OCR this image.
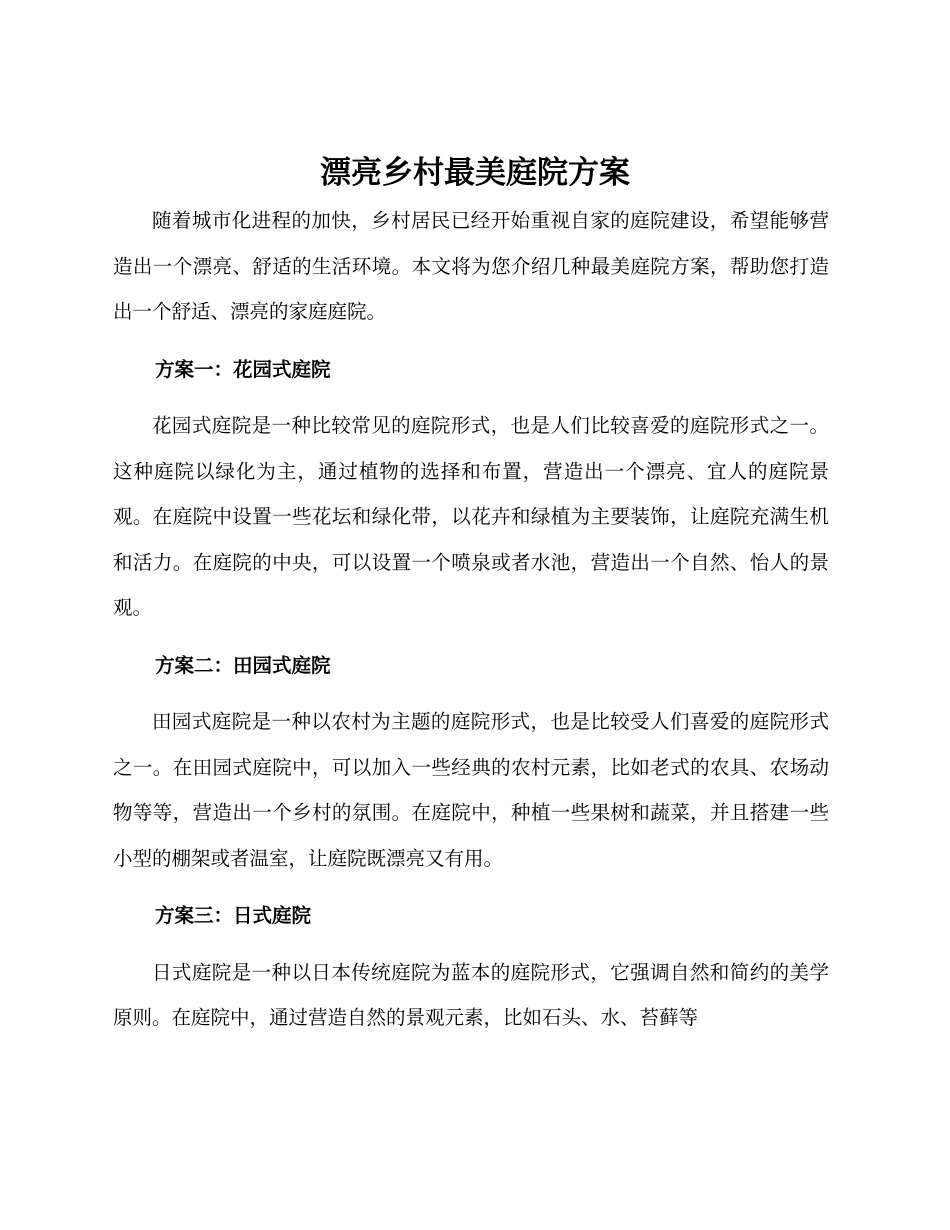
漂亮乡村最美庭院方案

随着城市化进程的加快，乡村居民已经开始重视自家的庭院建设，希望能够营造出一个漂亮、舒适的生活环境。本文将为您介绍几种最美庭院方案，帮助您打造出一个舒适、漂亮的家庭庭院。

方案一：花园式庭院

花园式庭院是一种比较常见的庭院形式，也是人们比较喜爱的庭院形式之一。这种庭院以绿化为主，通过植物的选择和布置，营造出一个漂亮、宜人的庭院景观。在庭院中设置一些花坛和绿化带，以花卉和绿植为主要装饰，让庭院充满生机和活力。在庭院的中央，可以设置一个喷泉或者水池，营造出一个自然、怡人的景观。

方案二：田园式庭院

田园式庭院是一种以农村为主题的庭院形式，也是比较受人们喜爱的庭院形式之一。在田园式庭院中，可以加入一些经典的农村元素，比如老式的农具、农场动物等等，营造出一个乡村的氛围。在庭院中，种植一些果树和蔬菜，并且搭建一些小型的棚架或者温室，让庭院既漂亮又有用。

方案三：日式庭院

日式庭院是一种以日本传统庭院为蓝本的庭院形式，它强调自然和简约的美学原则。在庭院中，通过营造自然的景观元素，比如石头、水、苔藓等
